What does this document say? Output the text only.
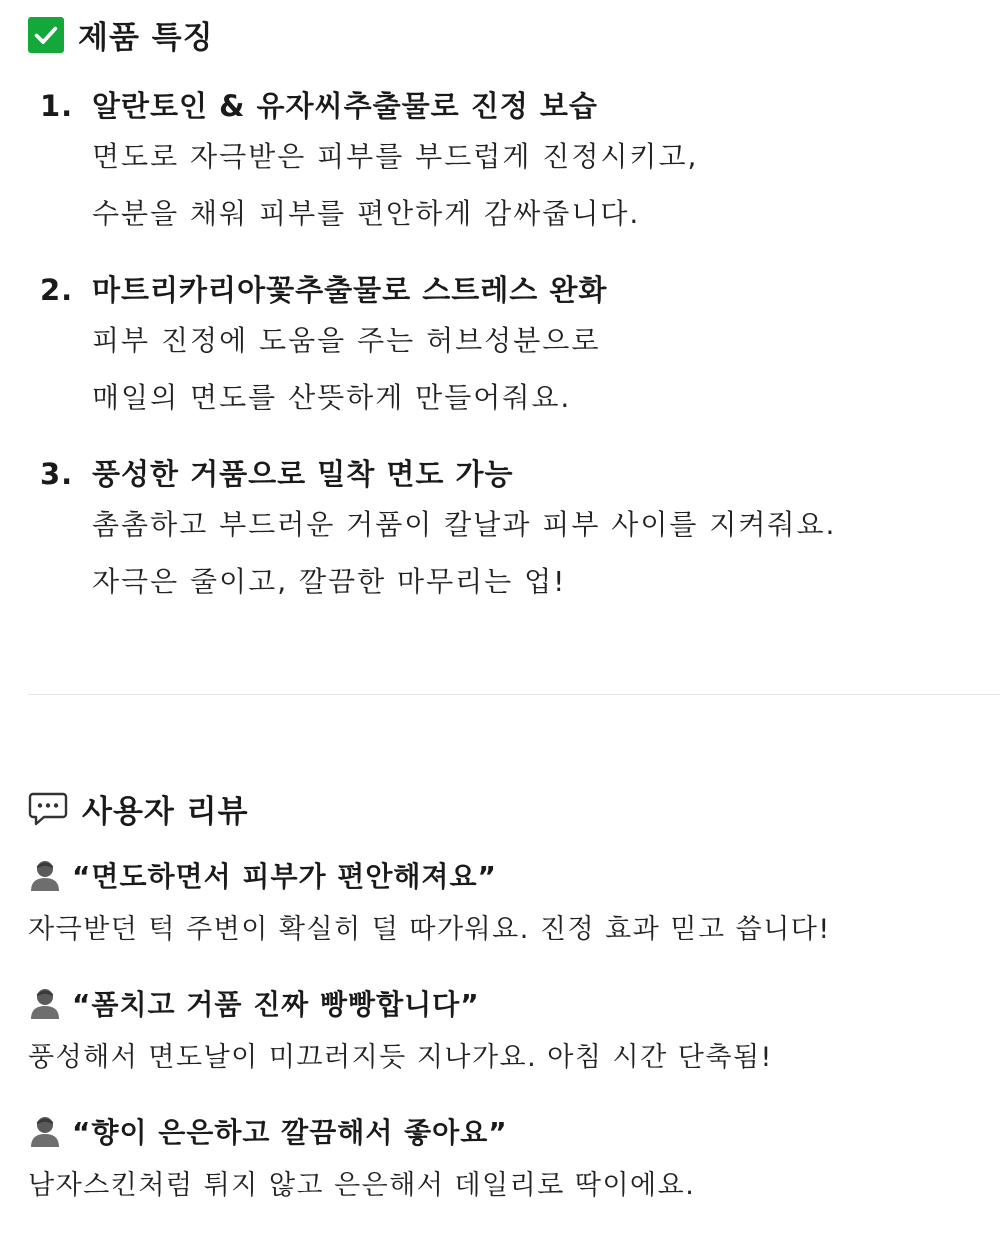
제품 특징
1. 알란토인 & 유자씨추출물로 진정 보습
면도로 자극받은 피부를 부드럽게 진정시키고,
수분을 채워 피부를 편안하게 감싸줍니다.
2. 마트리카리아꽃추출물로 스트레스 완화
피부 진정에 도움을 주는 허브성분으로
매일의 면도를 산뜻하게 만들어줘요.
3. 풍성한 거품으로 밀착 면도 가능
촘촘하고 부드러운 거품이 칼날과 피부 사이를 지켜줘요.
자극은 줄이고, 깔끔한 마무리는 업!
사용자 리뷰
“면도하면서 피부가 편안해져요”
자극받던 턱 주변이 확실히 덜 따가워요. 진정 효과 믿고 씁니다!
“폼치고 거품 진짜 빵빵합니다”
풍성해서 면도날이 미끄러지듯 지나가요. 아침 시간 단축됨!
“향이 은은하고 깔끔해서 좋아요”
남자스킨처럼 튀지 않고 은은해서 데일리로 딱이에요.
